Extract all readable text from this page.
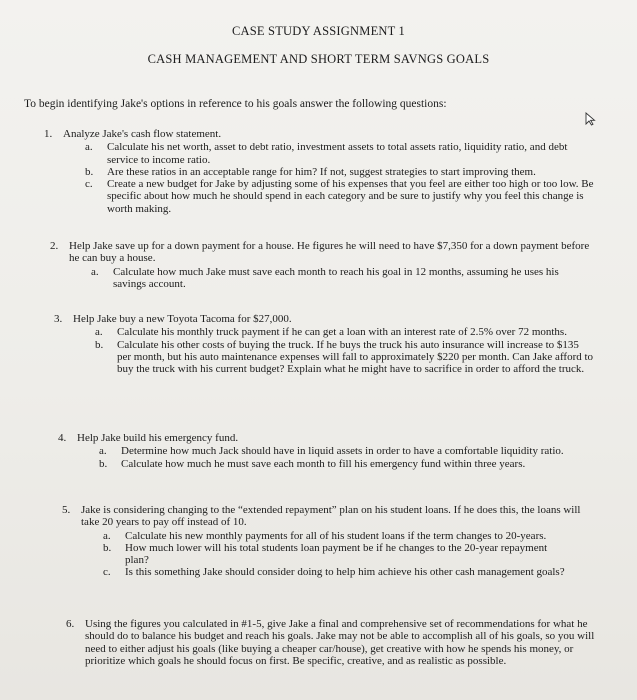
CASE STUDY ASSIGNMENT 1
CASH MANAGEMENT AND SHORT TERM SAVNGS GOALS
To begin identifying Jake's options in reference to his goals answer the following questions:
1. Analyze Jake's cash flow statement.
a. Calculate his net worth, asset to debt ratio, investment assets to total assets ratio, liquidity ratio, and debt service to income ratio.
b. Are these ratios in an acceptable range for him? If not, suggest strategies to start improving them.
c. Create a new budget for Jake by adjusting some of his expenses that you feel are either too high or too low. Be specific about how much he should spend in each category and be sure to justify why you feel this change is worth making.
2. Help Jake save up for a down payment for a house. He figures he will need to have $7,350 for a down payment before he can buy a house.
a. Calculate how much Jake must save each month to reach his goal in 12 months, assuming he uses his savings account.
3. Help Jake buy a new Toyota Tacoma for $27,000.
a. Calculate his monthly truck payment if he can get a loan with an interest rate of 2.5% over 72 months.
b. Calculate his other costs of buying the truck. If he buys the truck his auto insurance will increase to $135 per month, but his auto maintenance expenses will fall to approximately $220 per month. Can Jake afford to buy the truck with his current budget? Explain what he might have to sacrifice in order to afford the truck.
4. Help Jake build his emergency fund.
a. Determine how much Jack should have in liquid assets in order to have a comfortable liquidity ratio.
b. Calculate how much he must save each month to fill his emergency fund within three years.
5. Jake is considering changing to the “extended repayment” plan on his student loans. If he does this, the loans will take 20 years to pay off instead of 10.
a. Calculate his new monthly payments for all of his student loans if the term changes to 20-years.
b. How much lower will his total students loan payment be if he changes to the 20-year repayment plan?
c. Is this something Jake should consider doing to help him achieve his other cash management goals?
6. Using the figures you calculated in #1-5, give Jake a final and comprehensive set of recommendations for what he should do to balance his budget and reach his goals. Jake may not be able to accomplish all of his goals, so you will need to either adjust his goals (like buying a cheaper car/house), get creative with how he spends his money, or prioritize which goals he should focus on first. Be specific, creative, and as realistic as possible.
